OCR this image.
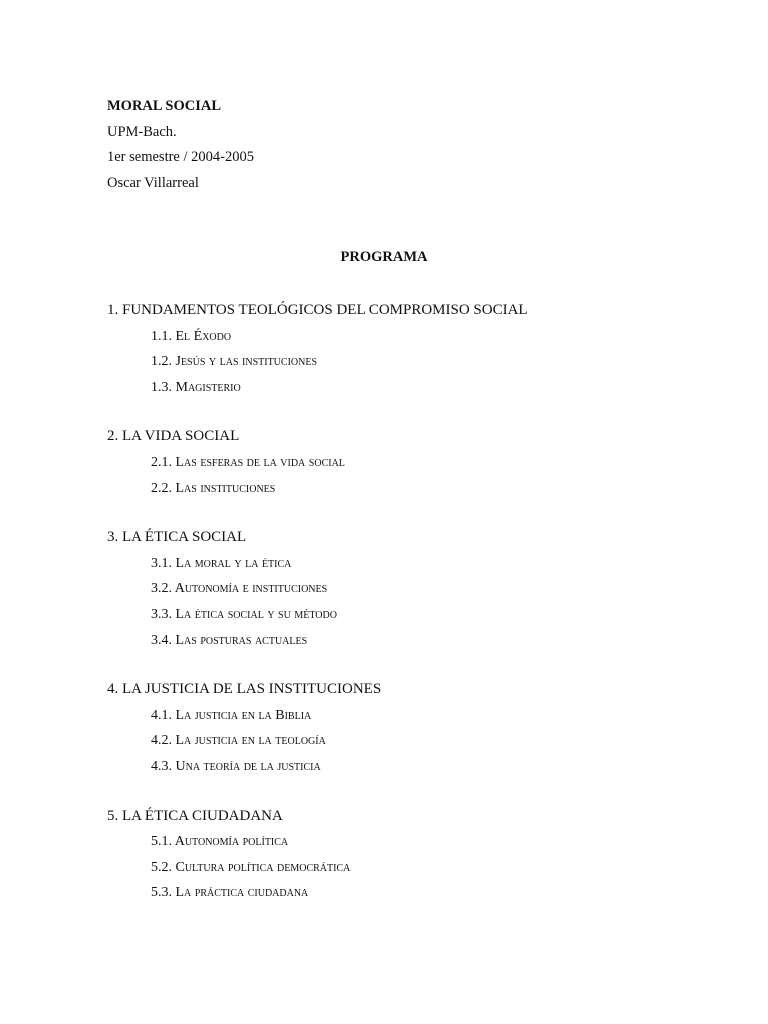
MORAL SOCIAL
UPM-Bach.
1er semestre / 2004-2005
Oscar Villarreal
PROGRAMA
1. FUNDAMENTOS TEOLÓGICOS DEL COMPROMISO SOCIAL
1.1. El Éxodo
1.2. Jesús y las instituciones
1.3. Magisterio
2. LA VIDA SOCIAL
2.1. Las esferas de la vida social
2.2. Las instituciones
3. LA ÉTICA SOCIAL
3.1. La moral y la ética
3.2. Autonomía e instituciones
3.3. La ética social y su método
3.4. Las posturas actuales
4. LA JUSTICIA DE LAS INSTITUCIONES
4.1. La justicia en la Biblia
4.2. La justicia en la teología
4.3. Una teoría de la justicia
5. LA ÉTICA CIUDADANA
5.1. Autonomía política
5.2. Cultura política democrática
5.3. La práctica ciudadana
